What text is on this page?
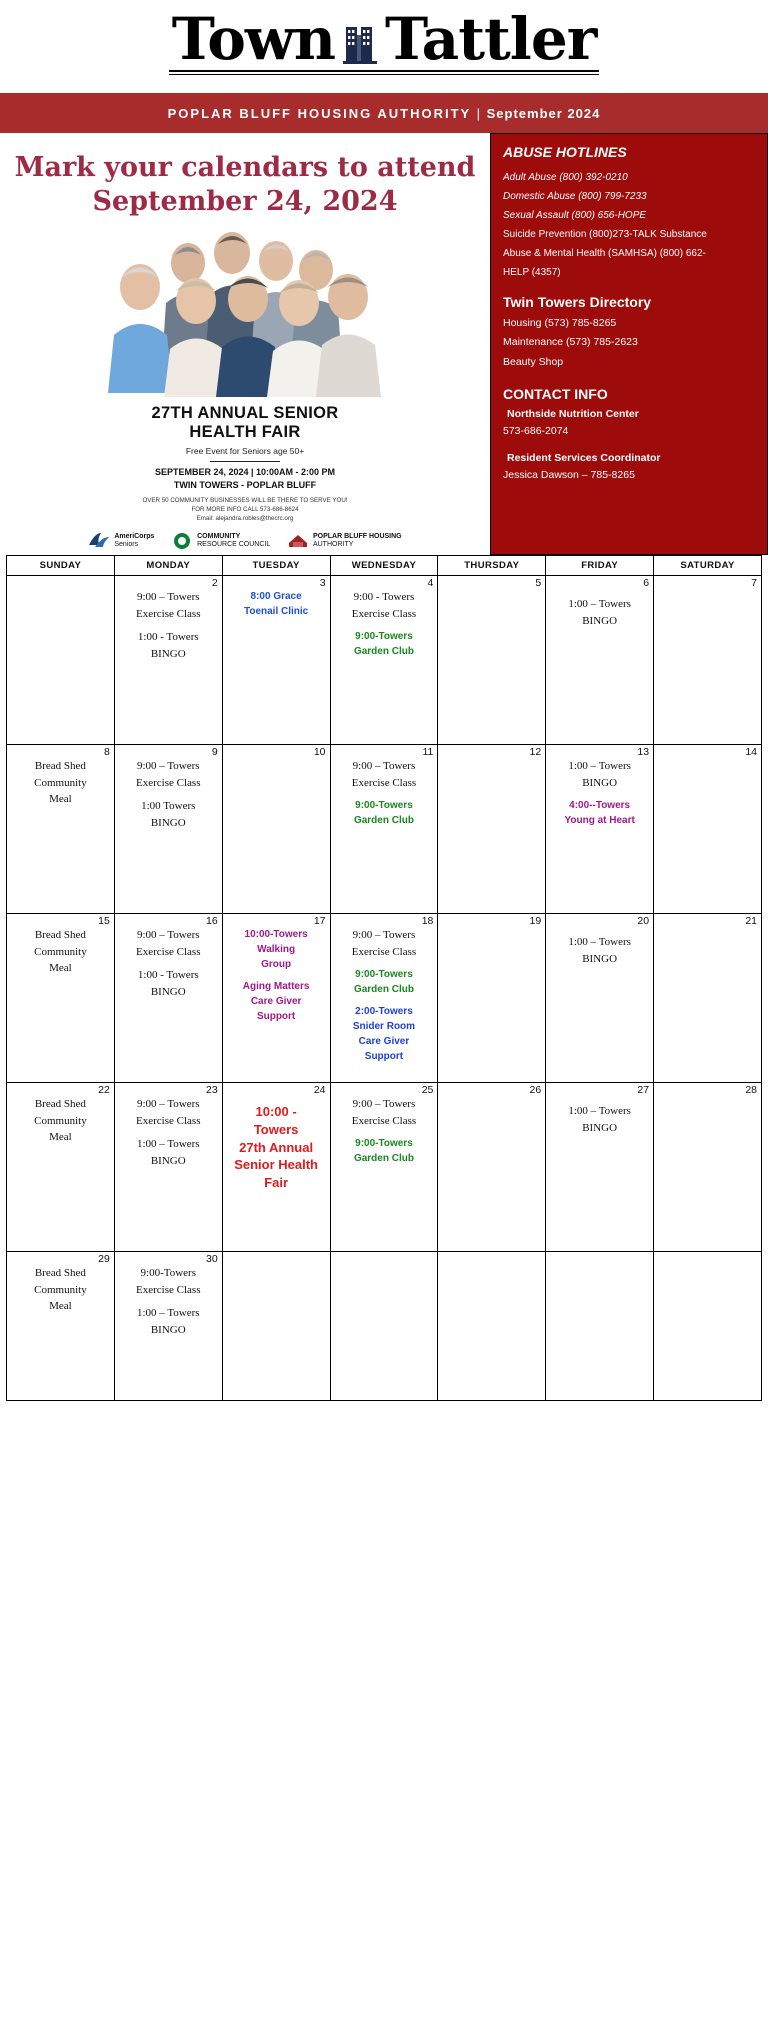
Town Tattler
POPLAR BLUFF HOUSING AUTHORITY | September 2024
Mark your calendars to attend
September 24, 2024
27TH ANNUAL SENIOR
HEALTH FAIR
Free Event for Seniors age 50+
SEPTEMBER 24, 2024 | 10:00AM - 2:00 PM
TWIN TOWERS - POPLAR BLUFF
OVER 50 COMMUNITY BUSINESSES WILL BE THERE TO SERVE YOU!
FOR MORE INFO CALL 573-686-8624
Email: alejandra.robles@thecrc.org
AmeriCorps
Seniors
COMMUNITY
RESOURCE COUNCIL
POPLAR BLUFF HOUSING
AUTHORITY
ABUSE HOTLINES
Adult Abuse (800) 392-0210
Domestic Abuse (800) 799-7233
Sexual Assault (800) 656-HOPE
Suicide Prevention (800)273-TALK Substance
Abuse & Mental Health (SAMHSA) (800) 662-
HELP (4357)
Twin Towers Directory
Housing (573) 785-8265
Maintenance (573) 785-2623
Beauty Shop
CONTACT INFO
Northside Nutrition Center
573-686-2074
Resident Services Coordinator
Jessica Dawson – 785-8265
SUNDAY	MONDAY	TUESDAY	WEDNESDAY	THURSDAY	FRIDAY	SATURDAY

2
9:00 – Towers
Exercise Class
1:00 - Towers
BINGO

3
8:00 Grace
Toenail Clinic

4
9:00 - Towers
Exercise Class
9:00-Towers
Garden Club

5	6
1:00 – Towers
BINGO

7

8
Bread Shed
Community
Meal

9
9:00 – Towers
Exercise Class
1:00 Towers
BINGO

10	11
9:00 – Towers
Exercise Class
9:00-Towers
Garden Club

12	13
1:00 – Towers
BINGO
4:00--Towers
Young at Heart

14

15
Bread Shed
Community
Meal

16
9:00 – Towers
Exercise Class
1:00 - Towers
BINGO

17
10:00-Towers
Walking
Group
Aging Matters
Care Giver
Support

18
9:00 – Towers
Exercise Class
9:00-Towers
Garden Club
2:00-Towers
Snider Room
Care Giver
Support

19	20
1:00 – Towers
BINGO

21

22
Bread Shed
Community
Meal

23
9:00 – Towers
Exercise Class
1:00 – Towers
BINGO

24
10:00 -
Towers
27th Annual
Senior Health
Fair

25
9:00 – Towers
Exercise Class
9:00-Towers
Garden Club

26	27
1:00 – Towers
BINGO

28

29
Bread Shed
Community
Meal

30
9:00-Towers
Exercise Class
1:00 – Towers
BINGO
